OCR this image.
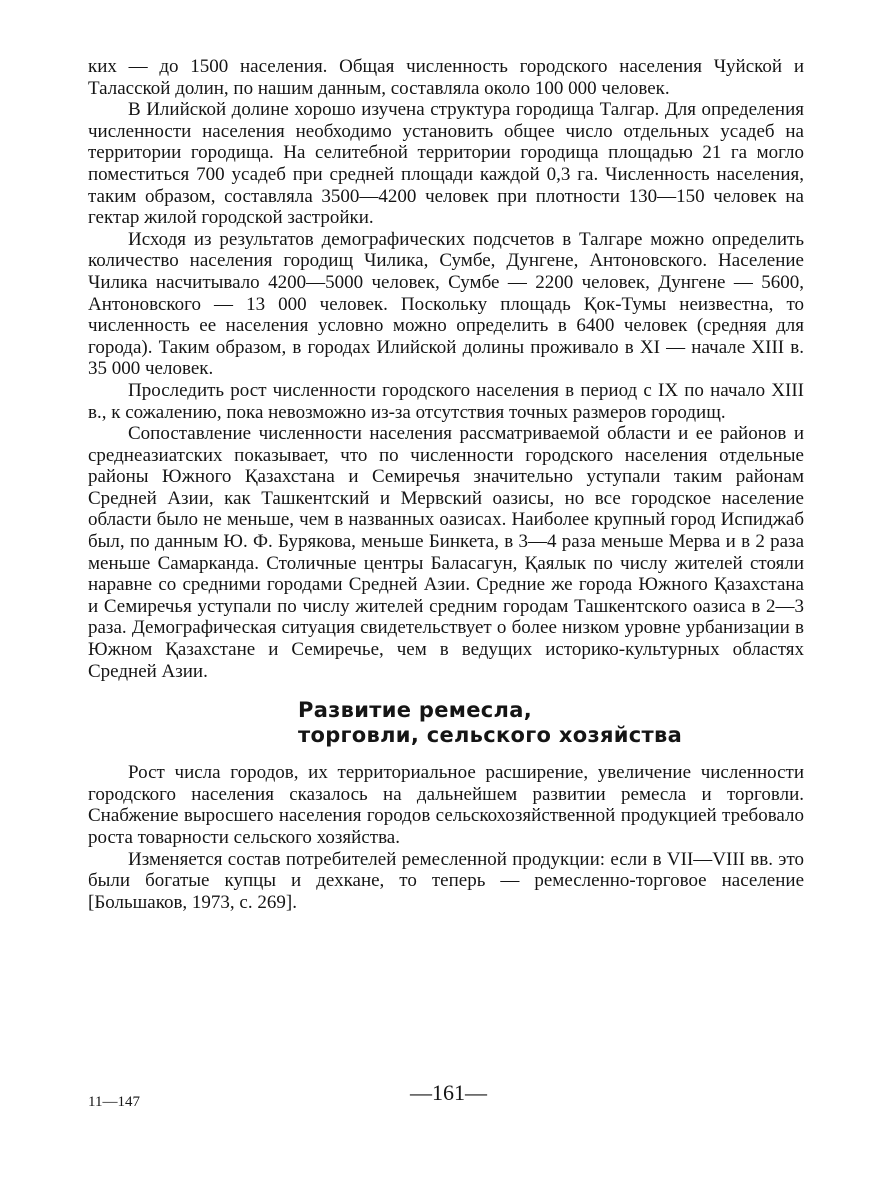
ких — до 1500 населения. Общая численность городского населения Чуйской и Таласской долин, по нашим данным, составляла около 100 000 человек.

В Илийской долине хорошо изучена структура городища Талгар. Для определения численности населения необходимо установить общее число отдельных усадеб на территории городища. На селитебной территории городища площадью 21 га могло поместиться 700 усадеб при средней площади каждой 0,3 га. Численность населения, таким образом, составляла 3500—4200 человек при плотности 130—150 человек на гектар жилой городской застройки.

Исходя из результатов демографических подсчетов в Талгаре можно определить количество населения городищ Чилика, Сумбе, Дунгене, Антоновского. Население Чилика насчитывало 4200—5000 человек, Сумбе — 2200 человек, Дунгене — 5600, Антоновского — 13 000 человек. Поскольку площадь Қок-Тумы неизвестна, то численность ее населения условно можно определить в 6400 человек (средняя для города). Таким образом, в городах Илийской долины проживало в XI — начале XIII в. 35 000 человек.

Проследить рост численности городского населения в период с IX по начало XIII в., к сожалению, пока невозможно из-за отсутствия точных размеров городищ.

Сопоставление численности населения рассматриваемой области и ее районов и среднеазиатских показывает, что по численности городского населения отдельные районы Южного Қазахстана и Семиречья значительно уступали таким районам Средней Азии, как Ташкентский и Мервский оазисы, но все городское население области было не меньше, чем в названных оазисах. Наиболее крупный город Испиджаб был, по данным Ю. Ф. Бурякова, меньше Бинкета, в 3—4 раза меньше Мерва и в 2 раза меньше Самарканда. Столичные центры Баласагун, Қаялык по числу жителей стояли наравне со средними городами Средней Азии. Средние же города Южного Қазахстана и Семиречья уступали по числу жителей средним городам Ташкентского оазиса в 2—3 раза. Демографическая ситуация свидетельствует о более низком уровне урбанизации в Южном Қазахстане и Семиречье, чем в ведущих историко-культурных областях Средней Азии.

Развитие ремесла,
торговли, сельского хозяйства

Рост числа городов, их территориальное расширение, увеличение численности городского населения сказалось на дальнейшем развитии ремесла и торговли. Снабжение выросшего населения городов сельскохозяйственной продукцией требовало роста товарности сельского хозяйства.

Изменяется состав потребителей ремесленной продукции: если в VII—VIII вв. это были богатые купцы и дехкане, то теперь — ремесленно-торговое население [Большаков, 1973, с. 269].

11—147	—161—
